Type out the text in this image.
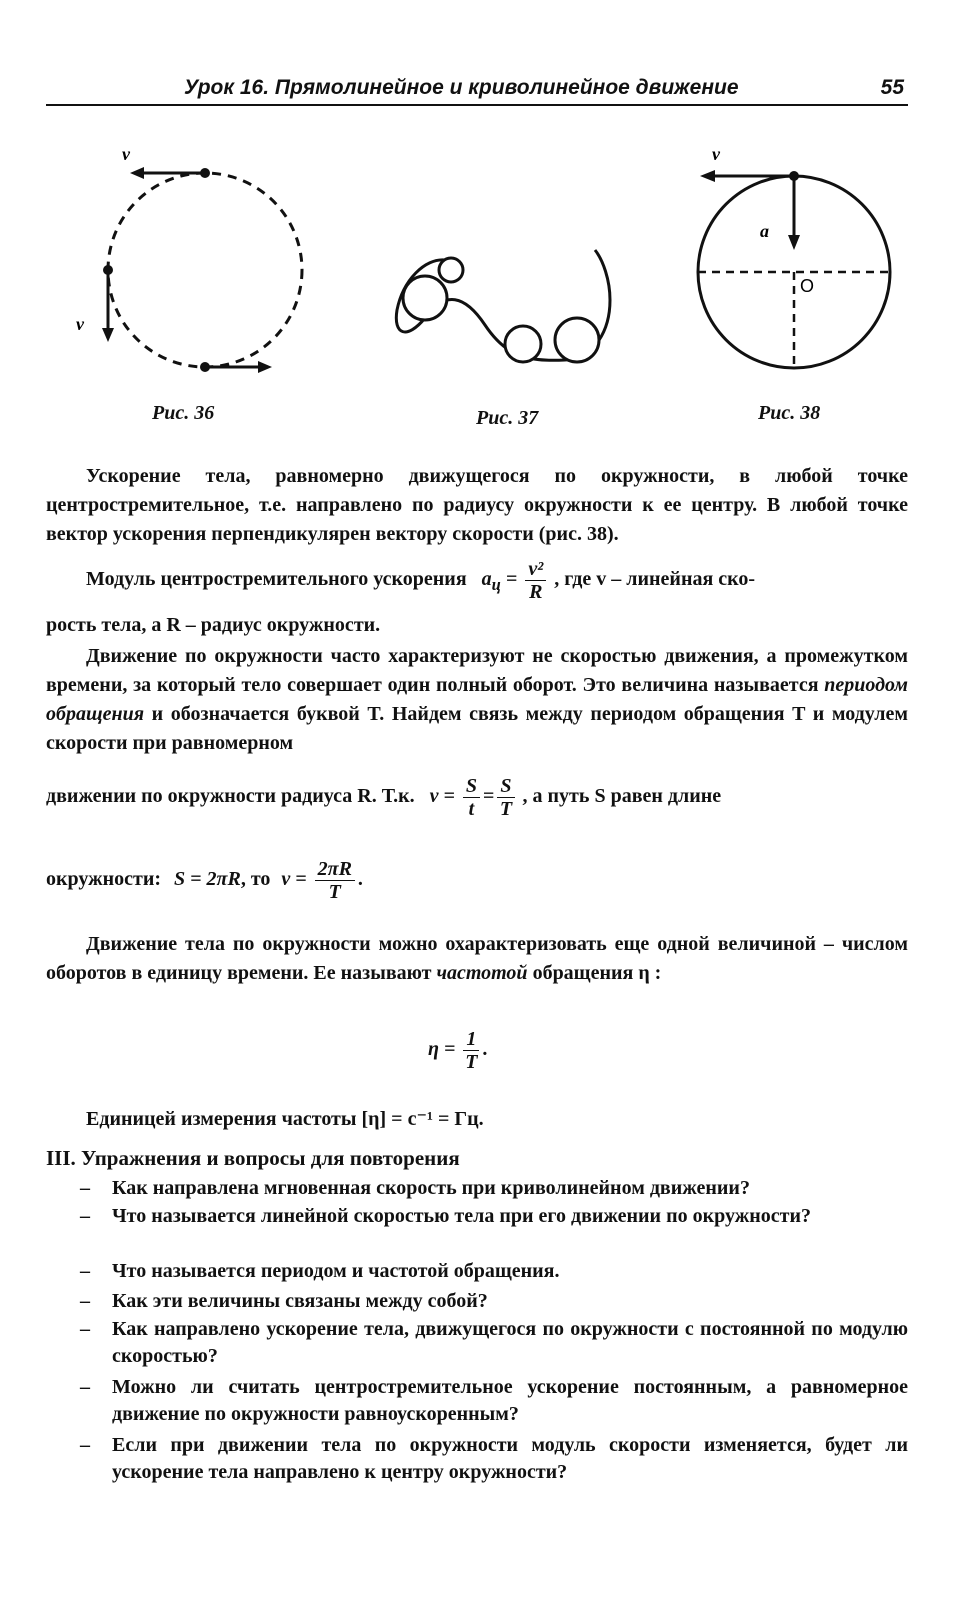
Урок 16. Прямолинейное и криволинейное движение	55
v⃗
v⃗
Рис. 36	Рис. 37
v⃗
a⃗
O
Рис. 38
Ускорение тела, равномерно движущегося по окружности, в любой точке центростремительное, т.е. направлено по радиусу окружности к ее центру. В любой точке вектор ускорения перпендикулярен вектору скорости (рис. 38).
Модуль центростремительного ускорения $a_ц = \frac{\text{v²}}{R}$ , где v – линейная ско-
рость тела, а R – радиус окружности.
Движение по окружности часто характеризуют не скоростью движения, а промежутком времени, за который тело совершает один полный оборот. Это величина называется периодом обращения и обозначается буквой T. Найдем связь между периодом обращения T и модулем скорости при равномерном
движении по окружности радиуса R. Т.к. $v = \frac{S}{t} = \frac{S}{T}$ , а путь S равен длине
окружности: S = 2πR, то $v = \frac{2\pi R}{T}$ .
Движение тела по окружности можно охарактеризовать еще одной величиной – числом оборотов в единицу времени. Ее называют частотой обращения η :
$\eta = \frac{1}{T}$ .
Единицей измерения частоты [η] = с⁻¹ = Гц.
III. Упражнения и вопросы для повторения
– Как направлена мгновенная скорость при криволинейном движении?
– Что называется линейной скоростью тела при его движении по окружности?
– Что называется периодом и частотой обращения.
– Как эти величины связаны между собой?
– Как направлено ускорение тела, движущегося по окружности с постоянной по модулю скоростью?
– Можно ли считать центростремительное ускорение постоянным, а равномерное движение по окружности равноускоренным?
– Если при движении тела по окружности модуль скорости изменяется, будет ли ускорение тела направлено к центру окружности?
